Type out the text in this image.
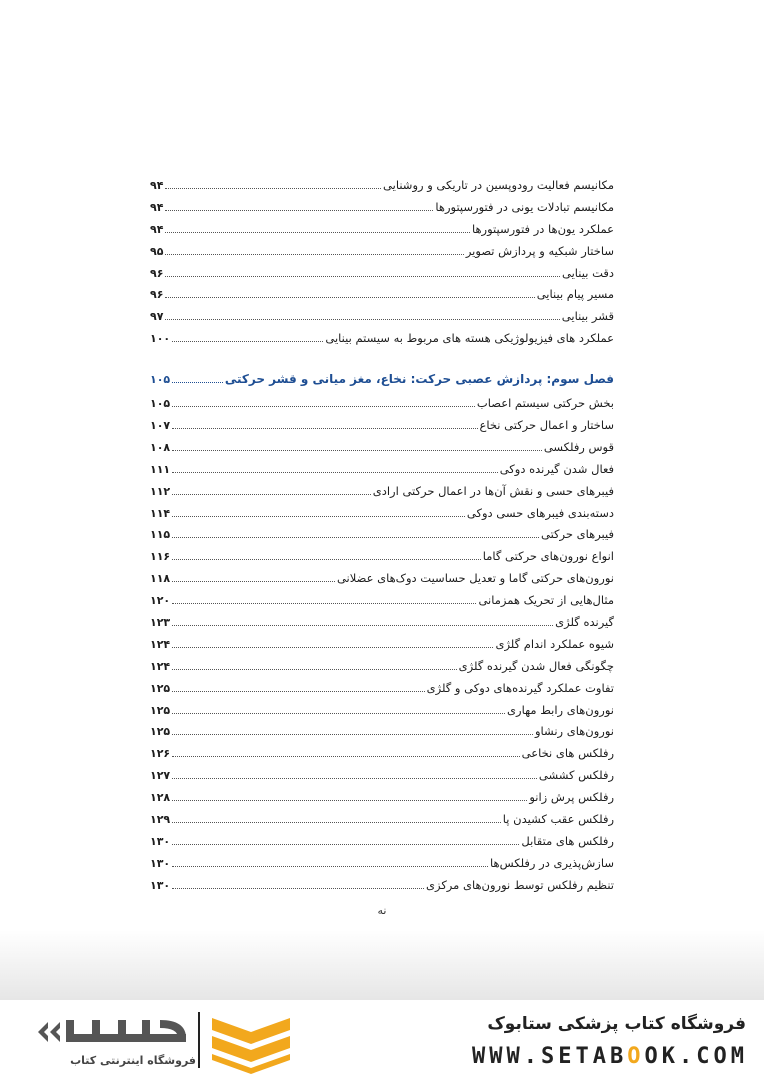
مکانیسم فعالیت رودوپسین در تاریکی و روشنایی
۹۴
مکانیسم تبادلات یونی در فتورسپتورها
۹۴
عملکرد یون‌ها در فتورسپتورها
۹۴
ساختار شبکیه و پردازش تصویر
۹۵
دقت بینایی
۹۶
مسیر پیام بینایی
۹۶
قشر بینایی
۹۷
عملکرد های فیزیولوژیکی هسته های مربوط به سیستم بینایی
۱۰۰
فصل سوم: پردازش عصبی حرکت: نخاع، مغز میانی و قشر حرکتی
۱۰۵
بخش حرکتی سیستم اعصاب
۱۰۵
ساختار و اعمال حرکتی نخاع
۱۰۷
قوس رفلکسی
۱۰۸
فعال شدن گیرنده دوکی
۱۱۱
فیبرهای حسی و نقش آن‌ها در اعمال حرکتی ارادی
۱۱۲
دسته‌بندی فیبرهای حسی دوکی
۱۱۴
فیبرهای حرکتی
۱۱۵
انواع نورون‌های حرکتی گاما
۱۱۶
نورون‌های حرکتی گاما و تعدیل حساسیت دوک‌های عضلانی
۱۱۸
مثال‌هایی از تحریک همزمانی
۱۲۰
گیرنده گلژی
۱۲۳
شیوه عملکرد اندام گلژی
۱۲۴
چگونگی فعال شدن گیرنده گلژی
۱۲۴
تفاوت عملکرد گیرنده‌های دوکی و گلژی
۱۲۵
نورون‌های رابط مهاری
۱۲۵
نورون‌های رنشاو
۱۲۵
رفلکس های نخاعی
۱۲۶
رفلکس کششی
۱۲۷
رفلکس پرش زانو
۱۲۸
رفلکس عقب کشیدن پا
۱۲۹
رفلکس های متقابل
۱۳۰
سازش‌پذیری در رفلکس‌ها
۱۳۰
تنظیم رفلکس توسط نورون‌های مرکزی
۱۳۰
نه
فروشگاه اینترنتی کتاب
فروشگاه کتاب پزشکی ستابوک
WWW.SETABOOK.COM
